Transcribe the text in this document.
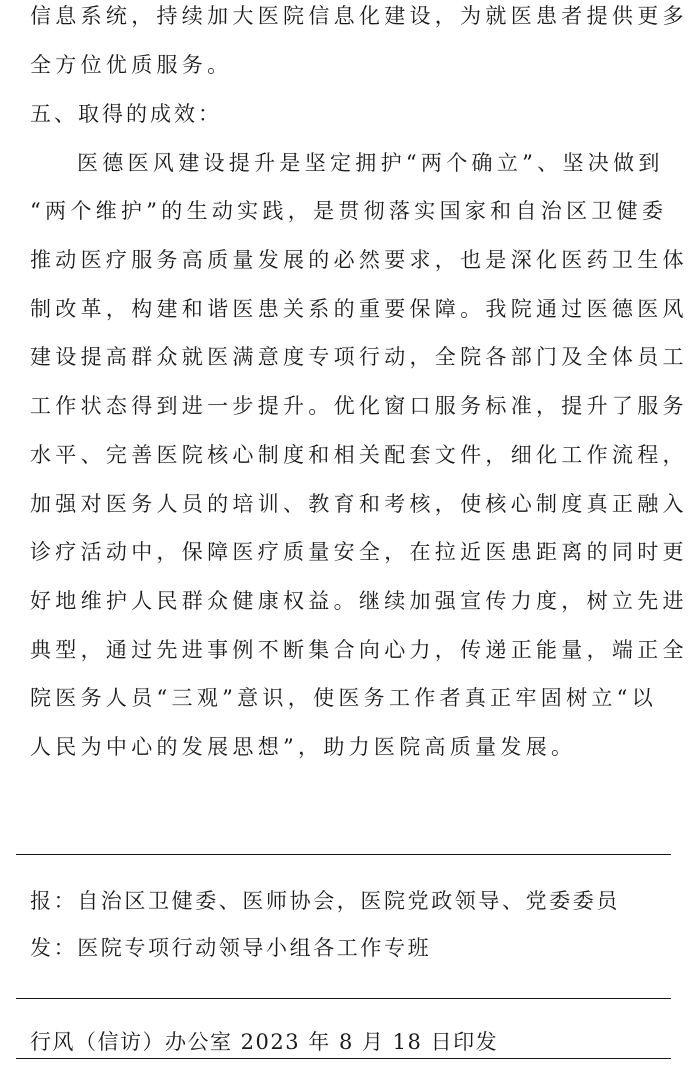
信息系统，持续加大医院信息化建设，为就医患者提供更多
全方位优质服务。
五、取得的成效：
医德医风建设提升是坚定拥护“两个确立”、坚决做到
“两个维护”的生动实践，是贯彻落实国家和自治区卫健委
推动医疗服务高质量发展的必然要求，也是深化医药卫生体
制改革，构建和谐医患关系的重要保障。我院通过医德医风
建设提高群众就医满意度专项行动，全院各部门及全体员工
工作状态得到进一步提升。优化窗口服务标准，提升了服务
水平、完善医院核心制度和相关配套文件，细化工作流程，
加强对医务人员的培训、教育和考核，使核心制度真正融入
诊疗活动中，保障医疗质量安全，在拉近医患距离的同时更
好地维护人民群众健康权益。继续加强宣传力度，树立先进
典型，通过先进事例不断集合向心力，传递正能量，端正全
院医务人员“三观”意识，使医务工作者真正牢固树立“以
人民为中心的发展思想”，助力医院高质量发展。
报：自治区卫健委、医师协会，医院党政领导、党委委员
发：医院专项行动领导小组各工作专班
行风（信访）办公室 2023 年 8 月 18 日印发
